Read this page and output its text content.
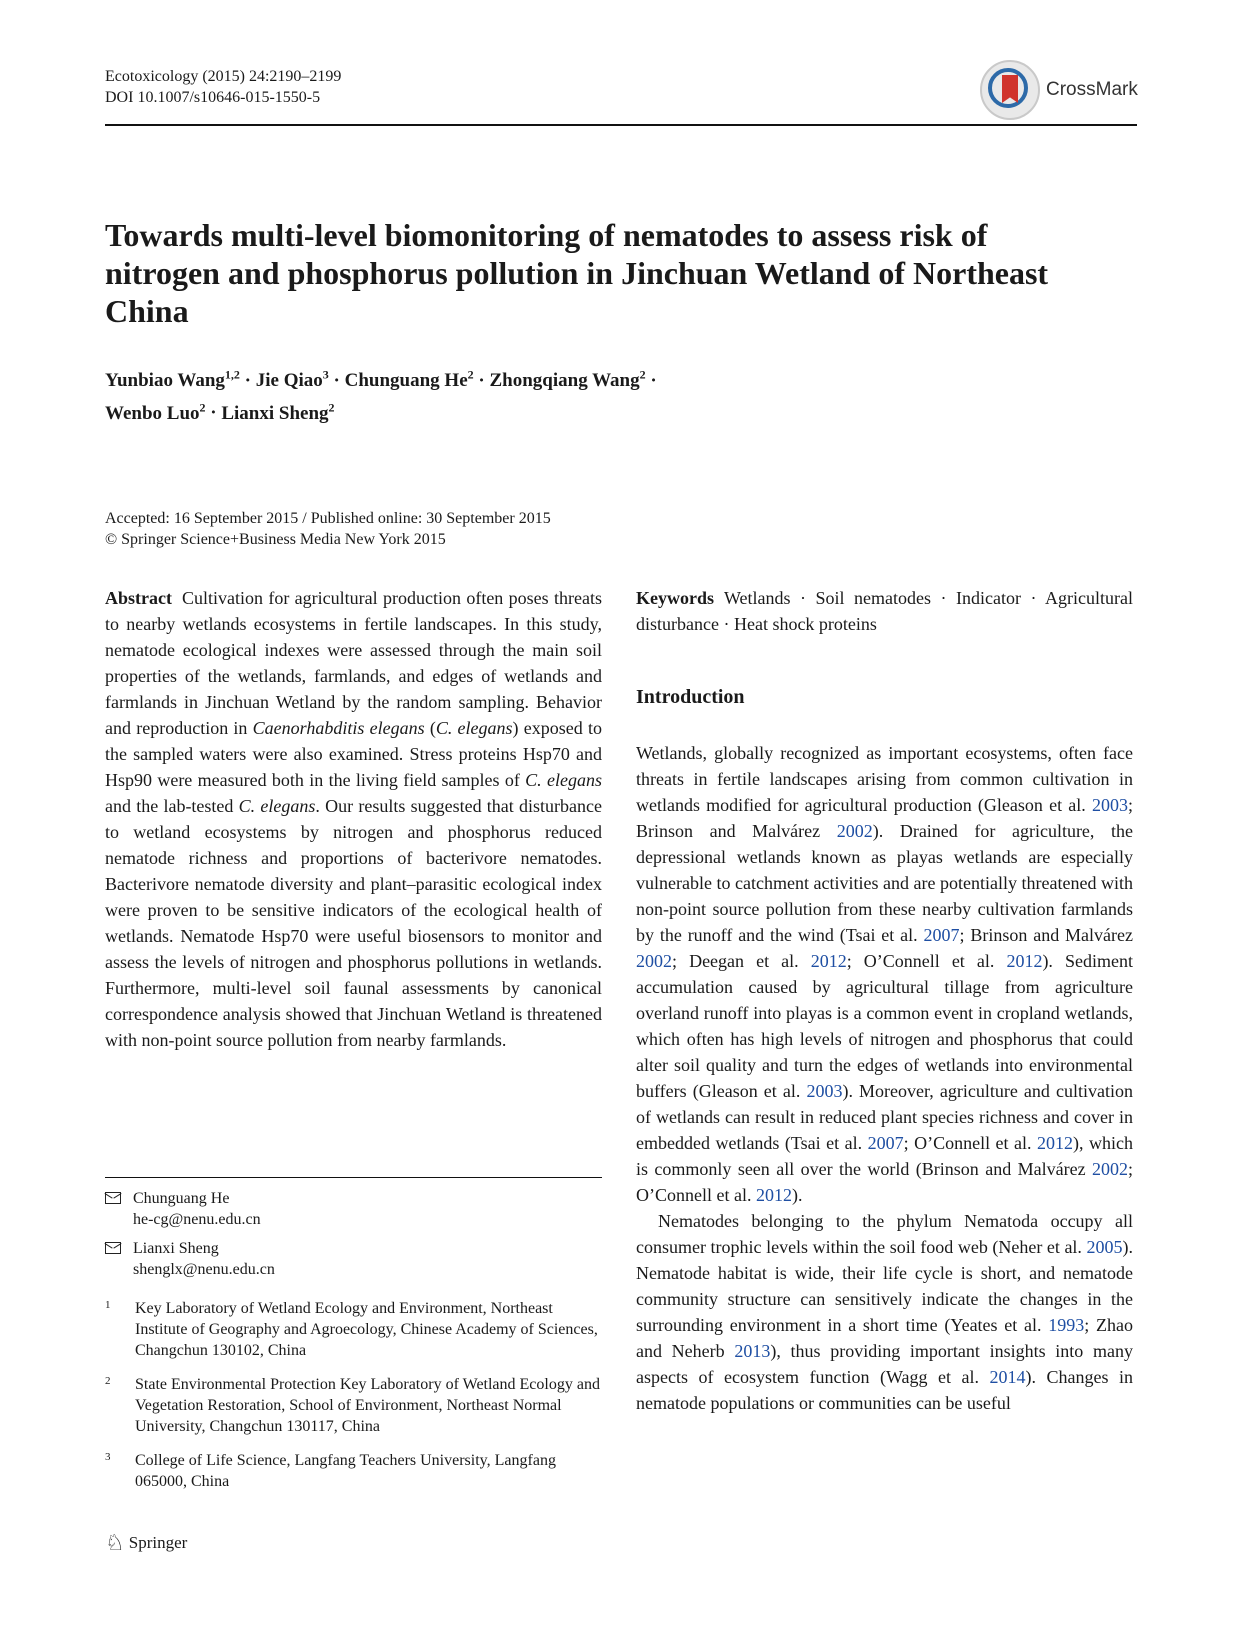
Ecotoxicology (2015) 24:2190–2199
DOI 10.1007/s10646-015-1550-5	CrossMark
Towards multi-level biomonitoring of nematodes to assess risk of nitrogen and phosphorus pollution in Jinchuan Wetland of Northeast China
Yunbiao Wang$^{1,2}$ · Jie Qiao$^3$ · Chunguang $He^2$ · Zhongqiang Wang$^2$ ·
Wenbo Luo$^2$ · Lianxi Sheng$^2$
Accepted: 16 September 2015 / Published online: 30 September 2015
© Springer Science+Business Media New York 2015
Abstract Cultivation for agricultural production often poses threats to nearby wetlands ecosystems in fertile landscapes. In this study, nematode ecological indexes were assessed through the main soil properties of the wetlands, farmlands, and edges of wetlands and farmlands in Jinchuan Wetland by the random sampling. Behavior and reproduction in Caenorhabditis elegans (C. elegans) exposed to the sampled waters were also examined. Stress proteins Hsp70 and Hsp90 were measured both in the living field samples of C. elegans and the lab-tested C. elegans. Our results suggested that disturbance to wetland ecosystems by nitrogen and phosphorus reduced nematode richness and proportions of bacterivore nematodes. Bacterivore nematode diversity and plant–parasitic ecological index were proven to be sensitive indicators of the ecological health of wetlands. Nematode Hsp70 were useful biosensors to monitor and assess the levels of nitrogen and phosphorus pollutions in wetlands. Furthermore, multi-level soil faunal assessments by canonical correspondence analysis showed that Jinchuan Wetland is threatened with non-point source pollution from nearby farmlands.
Keywords Wetlands · Soil nematodes · Indicator · Agricultural disturbance · Heat shock proteins
Introduction

Wetlands, globally recognized as important ecosystems, often face threats in fertile landscapes arising from common cultivation in wetlands modified for agricultural production (Gleason et al. 2003; Brinson and Malvárez 2002). Drained for agriculture, the depressional wetlands known as playas wetlands are especially vulnerable to catchment activities and are potentially threatened with non-point source pollution from these nearby cultivation farmlands by the runoff and the wind (Tsai et al. 2007; Brinson and Malvárez 2002; Deegan et al. 2012; O’Connell et al. 2012). Sediment accumulation caused by agricultural tillage from agriculture overland runoff into playas is a common event in cropland wetlands, which often has high levels of nitrogen and phosphorus that could alter soil quality and turn the edges of wetlands into environmental buffers (Gleason et al. 2003). Moreover, agriculture and cultivation of wetlands can result in reduced plant species richness and cover in embedded wetlands (Tsai et al. 2007; O’Connell et al. 2012), which is commonly seen all over the world (Brinson and Malvárez 2002; O’Connell et al. 2012).

Nematodes belonging to the phylum Nematoda occupy all consumer trophic levels within the soil food web (Neher et al. 2005). Nematode habitat is wide, their life cycle is short, and nematode community structure can sensitively indicate the changes in the surrounding environment in a short time (Yeates et al. 1993; Zhao and Neherb 2013), thus providing important insights into many aspects of ecosystem function (Wagg et al. 2014). Changes in nematode populations or communities can be useful

Chunguang He
he-cg@nenu.edu.cn
Lianxi Sheng
shenglx@nenu.edu.cn
1	Key Laboratory of Wetland Ecology and Environment, Northeast Institute of Geography and Agroecology, Chinese Academy of Sciences, Changchun 130102, China
2	State Environmental Protection Key Laboratory of Wetland Ecology and Vegetation Restoration, School of Environment, Northeast Normal University, Changchun 130117, China
3	College of Life Science, Langfang Teachers University, Langfang 065000, China
♘ Springer
